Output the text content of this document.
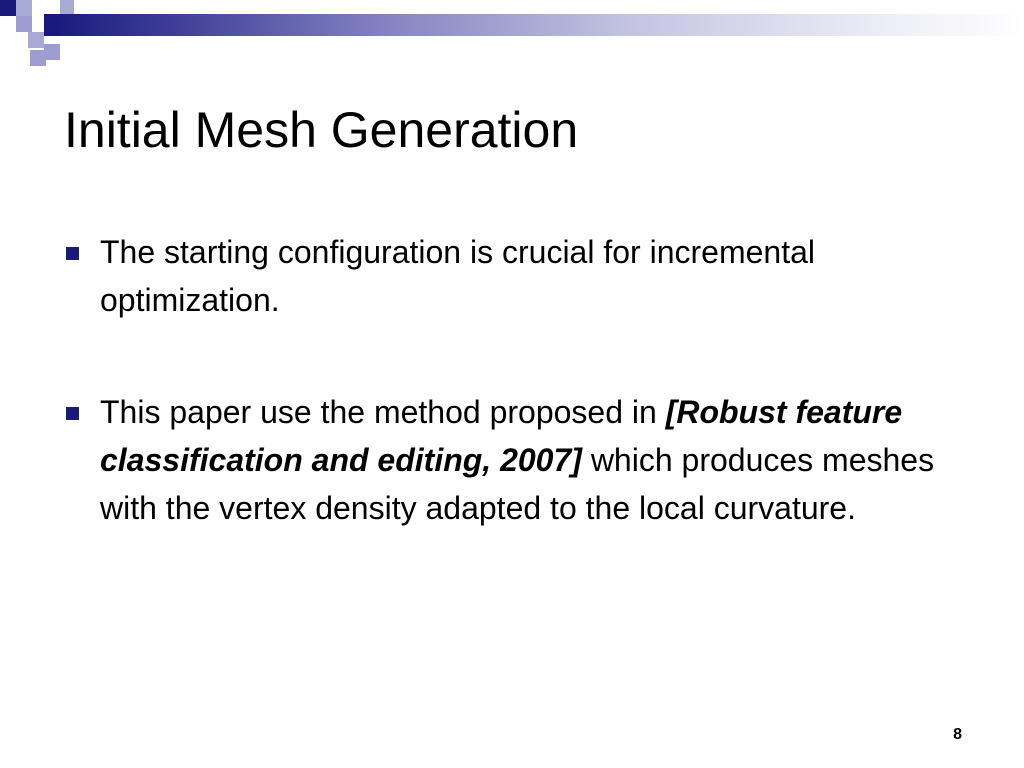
Initial Mesh Generation
The starting configuration is crucial for incremental optimization.
This paper use the method proposed in [Robust feature classification and editing, 2007] which produces meshes with the vertex density adapted to the local curvature.
8
